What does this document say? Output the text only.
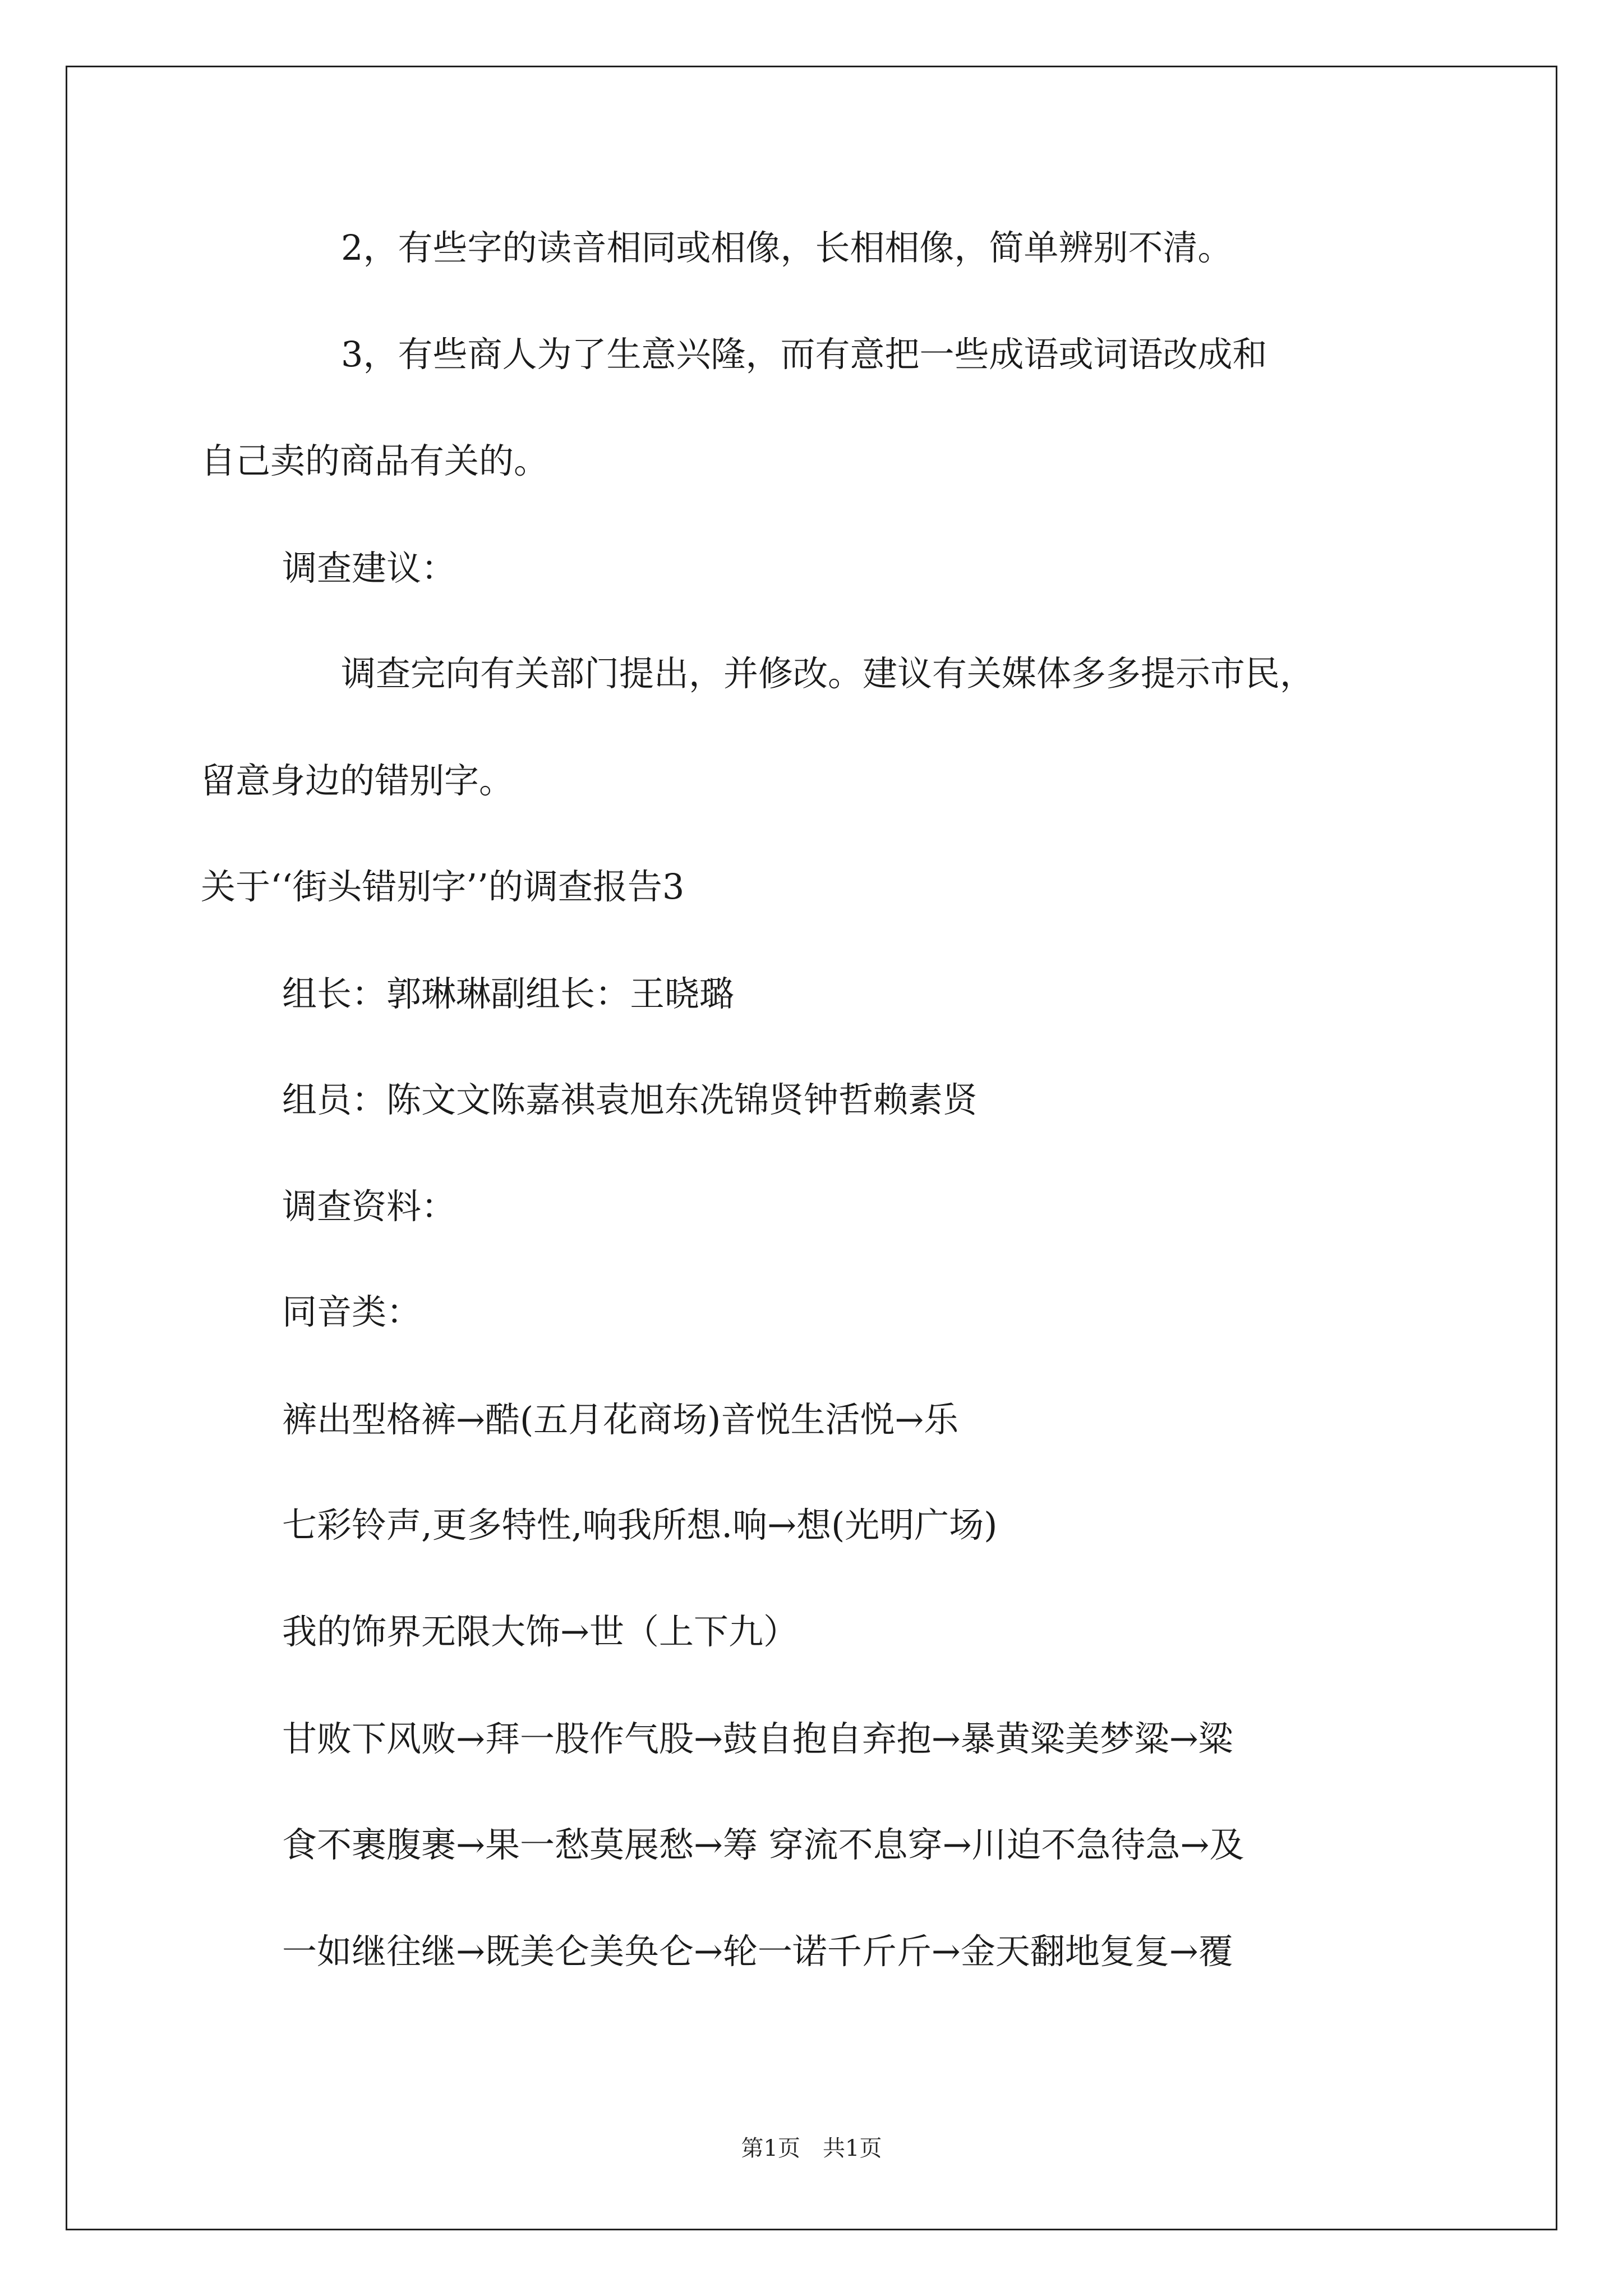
2，有些字的读音相同或相像，长相相像，简单辨别不清。
3，有些商人为了生意兴隆，而有意把一些成语或词语改成和
自己卖的商品有关的。
调查建议：
调查完向有关部门提出，并修改。建议有关媒体多多提示市民，
留意身边的错别字。
关于‘‘街头错别字’’的调查报告3
组长：郭琳琳副组长：王晓璐
组员：陈文文陈嘉祺袁旭东冼锦贤钟哲赖素贤
调查资料：
同音类：
裤出型格裤→酷(五月花商场)音悦生活悦→乐
七彩铃声,更多特性,响我所想.响→想(光明广场)
我的饰界无限大饰→世（上下九）
甘败下风败→拜一股作气股→鼓自抱自弃抱→暴黄粱美梦粱→粱
食不裹腹裹→果一愁莫展愁→筹 穿流不息穿→川迫不急待急→及
一如继往继→既美仑美奂仑→轮一诺千斤斤→金天翻地复复→覆
第1页　共1页
